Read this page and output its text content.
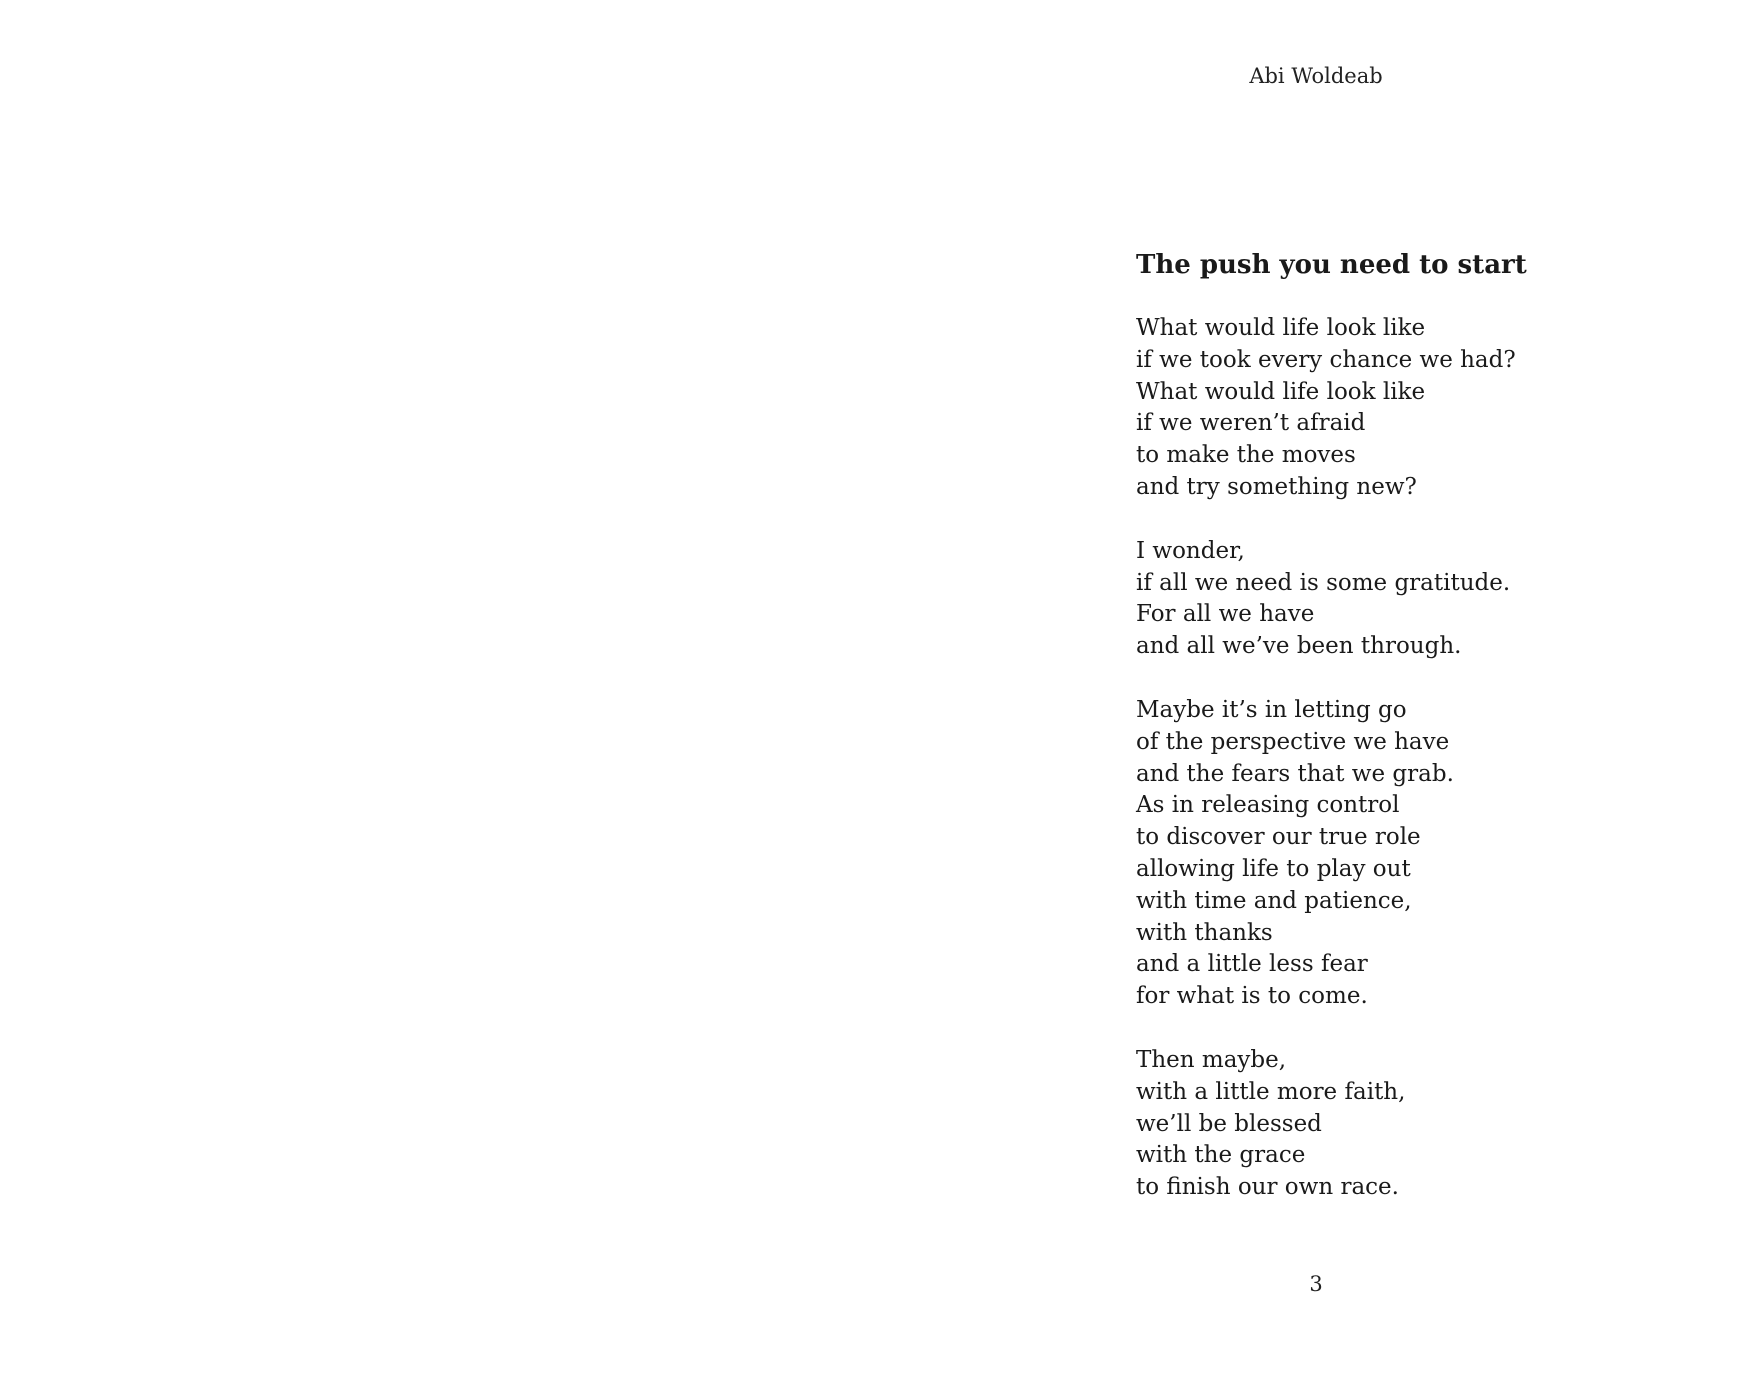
Abi Woldeab
The push you need to start
What would life look like
if we took every chance we had?
What would life look like
if we weren’t afraid
to make the moves
and try something new?
I wonder,
if all we need is some gratitude.
For all we have
and all we’ve been through.
Maybe it’s in letting go
of the perspective we have
and the fears that we grab.
As in releasing control
to discover our true role
allowing life to play out
with time and patience,
with thanks
and a little less fear
for what is to come.
Then maybe,
with a little more faith,
we’ll be blessed
with the grace
to finish our own race.
3
